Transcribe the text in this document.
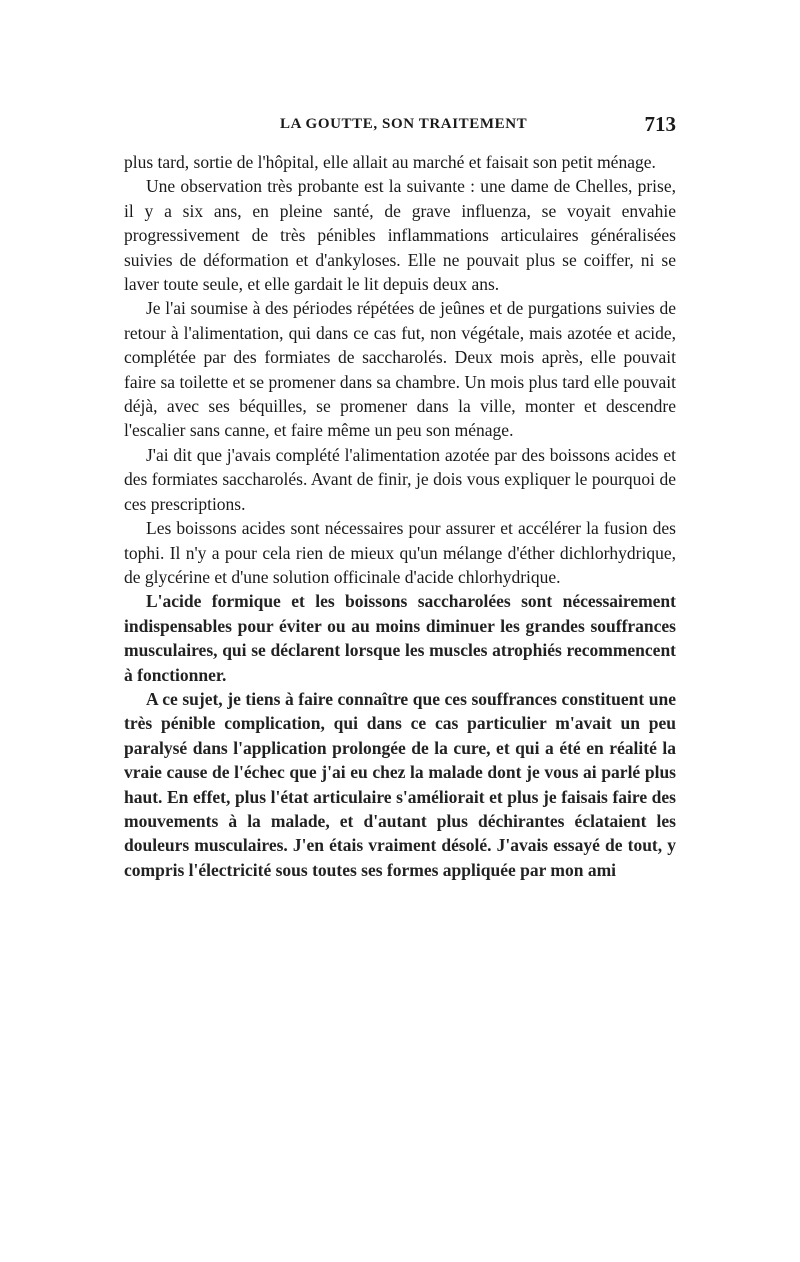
LA GOUTTE, SON TRAITEMENT	713

plus tard, sortie de l'hôpital, elle allait au marché et faisait son petit ménage.

Une observation très probante est la suivante : une dame de Chelles, prise, il y a six ans, en pleine santé, de grave influenza, se voyait envahie progressivement de très pénibles inflammations articulaires généralisées suivies de déformation et d'ankyloses. Elle ne pouvait plus se coiffer, ni se laver toute seule, et elle gardait le lit depuis deux ans.

Je l'ai soumise à des périodes répétées de jeûnes et de purgations suivies de retour à l'alimentation, qui dans ce cas fut, non végétale, mais azotée et acide, complétée par des formiates de saccharolés. Deux mois après, elle pouvait faire sa toilette et se promener dans sa chambre. Un mois plus tard elle pouvait déjà, avec ses béquilles, se promener dans la ville, monter et descendre l'escalier sans canne, et faire même un peu son ménage.

J'ai dit que j'avais complété l'alimentation azotée par des boissons acides et des formiates saccharolés. Avant de finir, je dois vous expliquer le pourquoi de ces prescriptions.

Les boissons acides sont nécessaires pour assurer et accélérer la fusion des tophi. Il n'y a pour cela rien de mieux qu'un mélange d'éther dichlorhydrique, de glycérine et d'une solution officinale d'acide chlorhydrique.

L'acide formique et les boissons saccharolées sont nécessairement indispensables pour éviter ou au moins diminuer les grandes souffrances musculaires, qui se déclarent lorsque les muscles atrophiés recommencent à fonctionner.

A ce sujet, je tiens à faire connaître que ces souffrances constituent une très pénible complication, qui dans ce cas particulier m'avait un peu paralysé dans l'application prolongée de la cure, et qui a été en réalité la vraie cause de l'échec que j'ai eu chez la malade dont je vous ai parlé plus haut. En effet, plus l'état articulaire s'améliorait et plus je faisais faire des mouvements à la malade, et d'autant plus déchirantes éclataient les douleurs musculaires. J'en étais vraiment désolé. J'avais essayé de tout, y compris l'électricité sous toutes ses formes appliquée par mon ami
